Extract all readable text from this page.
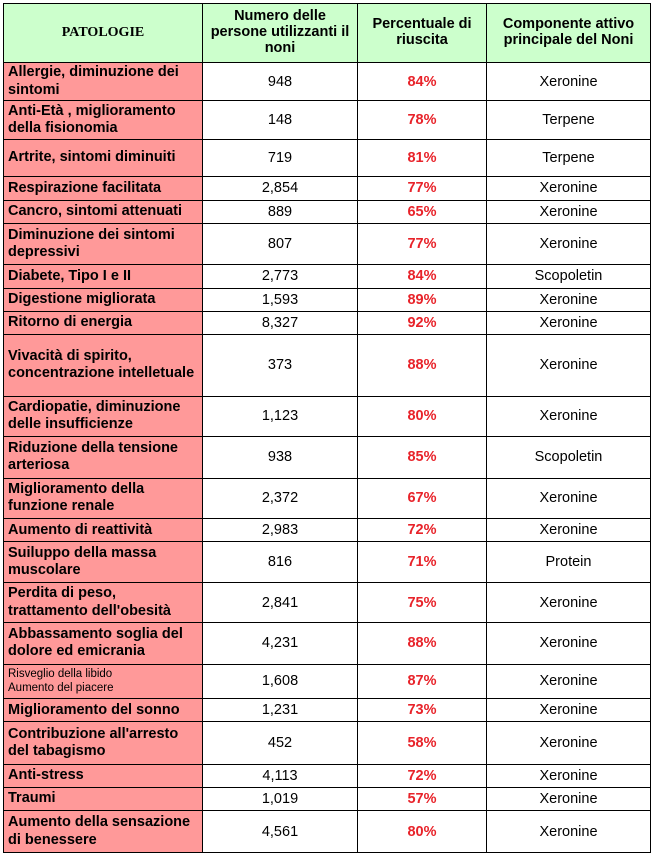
PATOLOGIE	Numero delle persone utilizzanti il noni	Percentuale di riuscita	Componente attivo principale del Noni
Allergie, diminuzione dei sintomi	948	84%	Xeronine
Anti-Età , miglioramento della fisionomia	148	78%	Terpene
Artrite, sintomi diminuiti	719	81%	Terpene
Respirazione facilitata	2,854	77%	Xeronine
Cancro, sintomi attenuati	889	65%	Xeronine
Diminuzione dei sintomi depressivi	807	77%	Xeronine
Diabete, Tipo I e II	2,773	84%	Scopoletin
Digestione migliorata	1,593	89%	Xeronine
Ritorno di energia	8,327	92%	Xeronine
Vivacità di spirito, concentrazione intelletuale	373	88%	Xeronine
Cardiopatie, diminuzione delle insufficienze	1,123	80%	Xeronine
Riduzione della tensione arteriosa	938	85%	Scopoletin
Miglioramento della funzione renale	2,372	67%	Xeronine
Aumento di reattività	2,983	72%	Xeronine
Suiluppo della massa muscolare	816	71%	Protein
Perdita di peso, trattamento dell'obesità	2,841	75%	Xeronine
Abbassamento soglia del dolore ed emicrania	4,231	88%	Xeronine

Risveglio della libido
Aumento del piacere	1,608	87%	Xeronine
Miglioramento del sonno	1,231	73%	Xeronine
Contribuzione all'arresto del tabagismo	452	58%	Xeronine
Anti-stress	4,113	72%	Xeronine
Traumi	1,019	57%	Xeronine
Aumento della sensazione di benessere	4,561	80%	Xeronine
